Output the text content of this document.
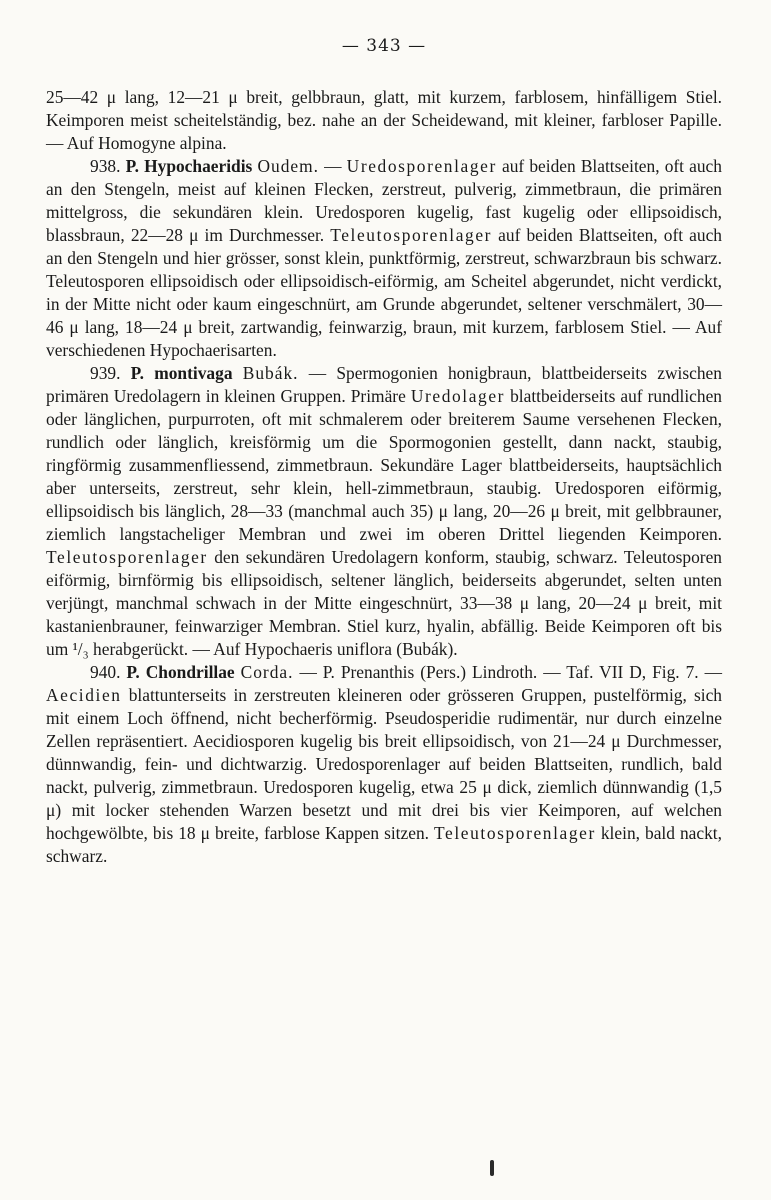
— 343 —

25—42 μ lang, 12—21 μ breit, gelbbraun, glatt, mit kurzem, farblosem, hinfälligem Stiel. Keimporen meist scheitelständig, bez. nahe an der Scheidewand, mit kleiner, farbloser Papille. — Auf Homogyne alpina.

938. P. Hypochaeridis Oudem. — Uredosporenlager auf beiden Blattseiten, oft auch an den Stengeln, meist auf kleinen Flecken, zerstreut, pulverig, zimmetbraun, die primären mittelgross, die sekundären klein. Uredosporen kugelig, fast kugelig oder ellipsoidisch, blassbraun, 22—28 μ im Durchmesser. Teleutosporenlager auf beiden Blattseiten, oft auch an den Stengeln und hier grösser, sonst klein, punktförmig, zerstreut, schwarzbraun bis schwarz. Teleutosporen ellipsoidisch oder ellipsoidisch-eiförmig, am Scheitel abgerundet, nicht verdickt, in der Mitte nicht oder kaum eingeschnürt, am Grunde abgerundet, seltener verschmälert, 30—46 μ lang, 18—24 μ breit, zartwandig, feinwarzig, braun, mit kurzem, farblosem Stiel. — Auf verschiedenen Hypochaerisarten.

939. P. montivaga Bubák. — Spermogonien honigbraun, blattbeiderseits zwischen primären Uredolagern in kleinen Gruppen. Primäre Uredolager blattbeiderseits auf rundlichen oder länglichen, purpurroten, oft mit schmalerem oder breiterem Saume versehenen Flecken, rundlich oder länglich, kreisförmig um die Spormogonien gestellt, dann nackt, staubig, ringförmig zusammenfliessend, zimmetbraun. Sekundäre Lager blattbeiderseits, hauptsächlich aber unterseits, zerstreut, sehr klein, hell-zimmetbraun, staubig. Uredosporen eiförmig, ellipsoidisch bis länglich, 28—33 (manchmal auch 35) μ lang, 20—26 μ breit, mit gelbbrauner, ziemlich langstacheliger Membran und zwei im oberen Drittel liegenden Keimporen. Teleutosporenlager den sekundären Uredolagern konform, staubig, schwarz. Teleutosporen eiförmig, birnförmig bis ellipsoidisch, seltener länglich, beiderseits abgerundet, selten unten verjüngt, manchmal schwach in der Mitte eingeschnürt, 33—38 μ lang, 20—24 μ breit, mit kastanienbrauner, feinwarziger Membran. Stiel kurz, hyalin, abfällig. Beide Keimporen oft bis um ¹/₃ herabgerückt. — Auf Hypochaeris uniflora (Bubák).

940. P. Chondrillae Corda. — P. Prenanthis (Pers.) Lindroth. — Taf. VII D, Fig. 7. — Aecidien blattunterseits in zerstreuten kleineren oder grösseren Gruppen, pustelförmig, sich mit einem Loch öffnend, nicht becherförmig. Pseudosperidie rudimentär, nur durch einzelne Zellen repräsentiert. Aecidiosporen kugelig bis breit ellipsoidisch, von 21—24 μ Durchmesser, dünnwandig, fein- und dichtwarzig. Uredosporenlager auf beiden Blattseiten, rundlich, bald nackt, pulverig, zimmetbraun. Uredosporen kugelig, etwa 25 μ dick, ziemlich dünnwandig (1,5 μ) mit locker stehenden Warzen besetzt und mit drei bis vier Keimporen, auf welchen hochgewölbte, bis 18 μ breite, farblose Kappen sitzen. Teleutosporenlager klein, bald nackt, schwarz.
